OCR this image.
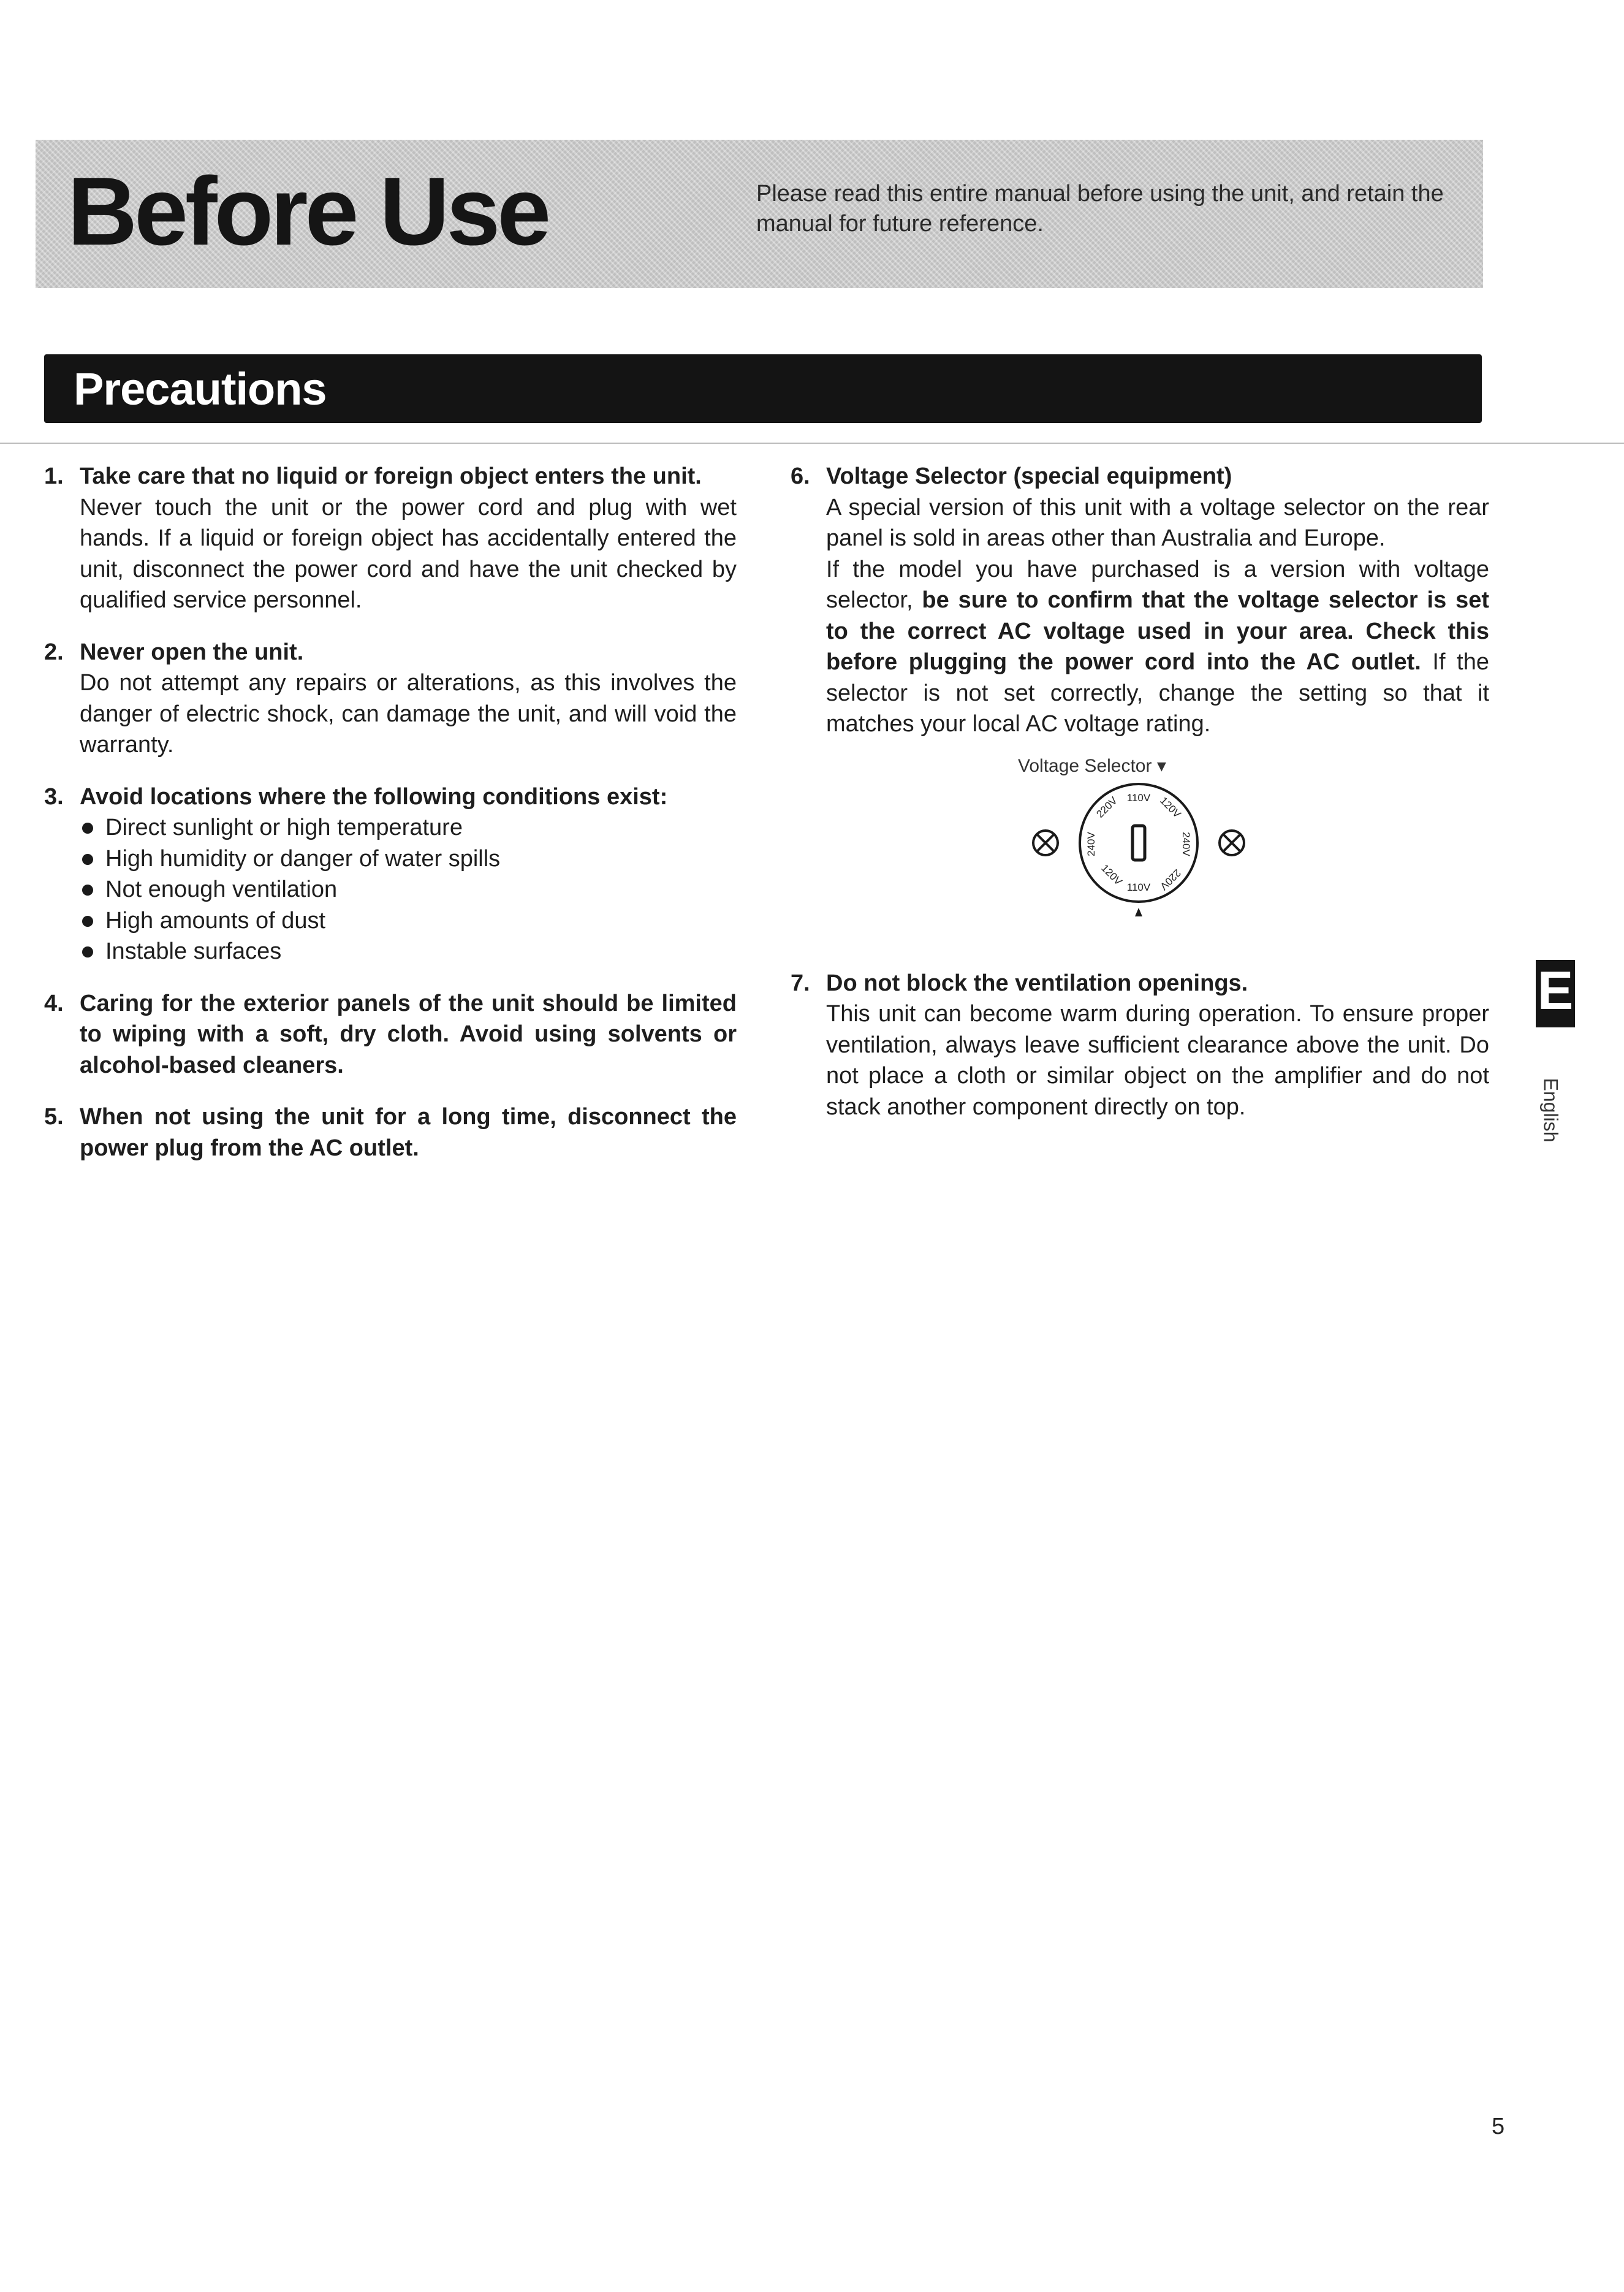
Before Use	Please read this entire manual before using the unit, and retain the manual for future reference.
Precautions
1. Take care that no liquid or foreign object enters the unit.

Never touch the unit or the power cord and plug with wet hands. If a liquid or foreign object has accidentally entered the unit, disconnect the power cord and have the unit checked by qualified service personnel.

2. Never open the unit.

Do not attempt any repairs or alterations, as this involves the danger of electric shock, can damage the unit, and will void the warranty.

3. Avoid locations where the following conditions exist:

Direct sunlight or high temperature
High humidity or danger of water spills
Not enough ventilation
High amounts of dust
Instable surfaces
4. Caring for the exterior panels of the unit should be limited to wiping with a soft, dry cloth. Avoid using solvents or alcohol-based cleaners.

5. When not using the unit for a long time, disconnect the power plug from the AC outlet.

6. Voltage Selector (special equipment)

A special version of this unit with a voltage selector on the rear panel is sold in areas other than Australia and Europe.

If the model you have purchased is a version with voltage selector, be sure to confirm that the voltage selector is set to the correct AC voltage used in your area. Check this before plugging the power cord into the AC outlet. If the selector is not set correctly, change the setting so that it matches your local AC voltage rating.

Voltage Selector ▾
110V 120V
240V
220V
110V
120V
240V
220V
7. Do not block the ventilation openings.

This unit can become warm during operation. To ensure proper ventilation, always leave sufficient clearance above the unit. Do not place a cloth or similar object on the amplifier and do not stack another component directly on top.

E
English
5
